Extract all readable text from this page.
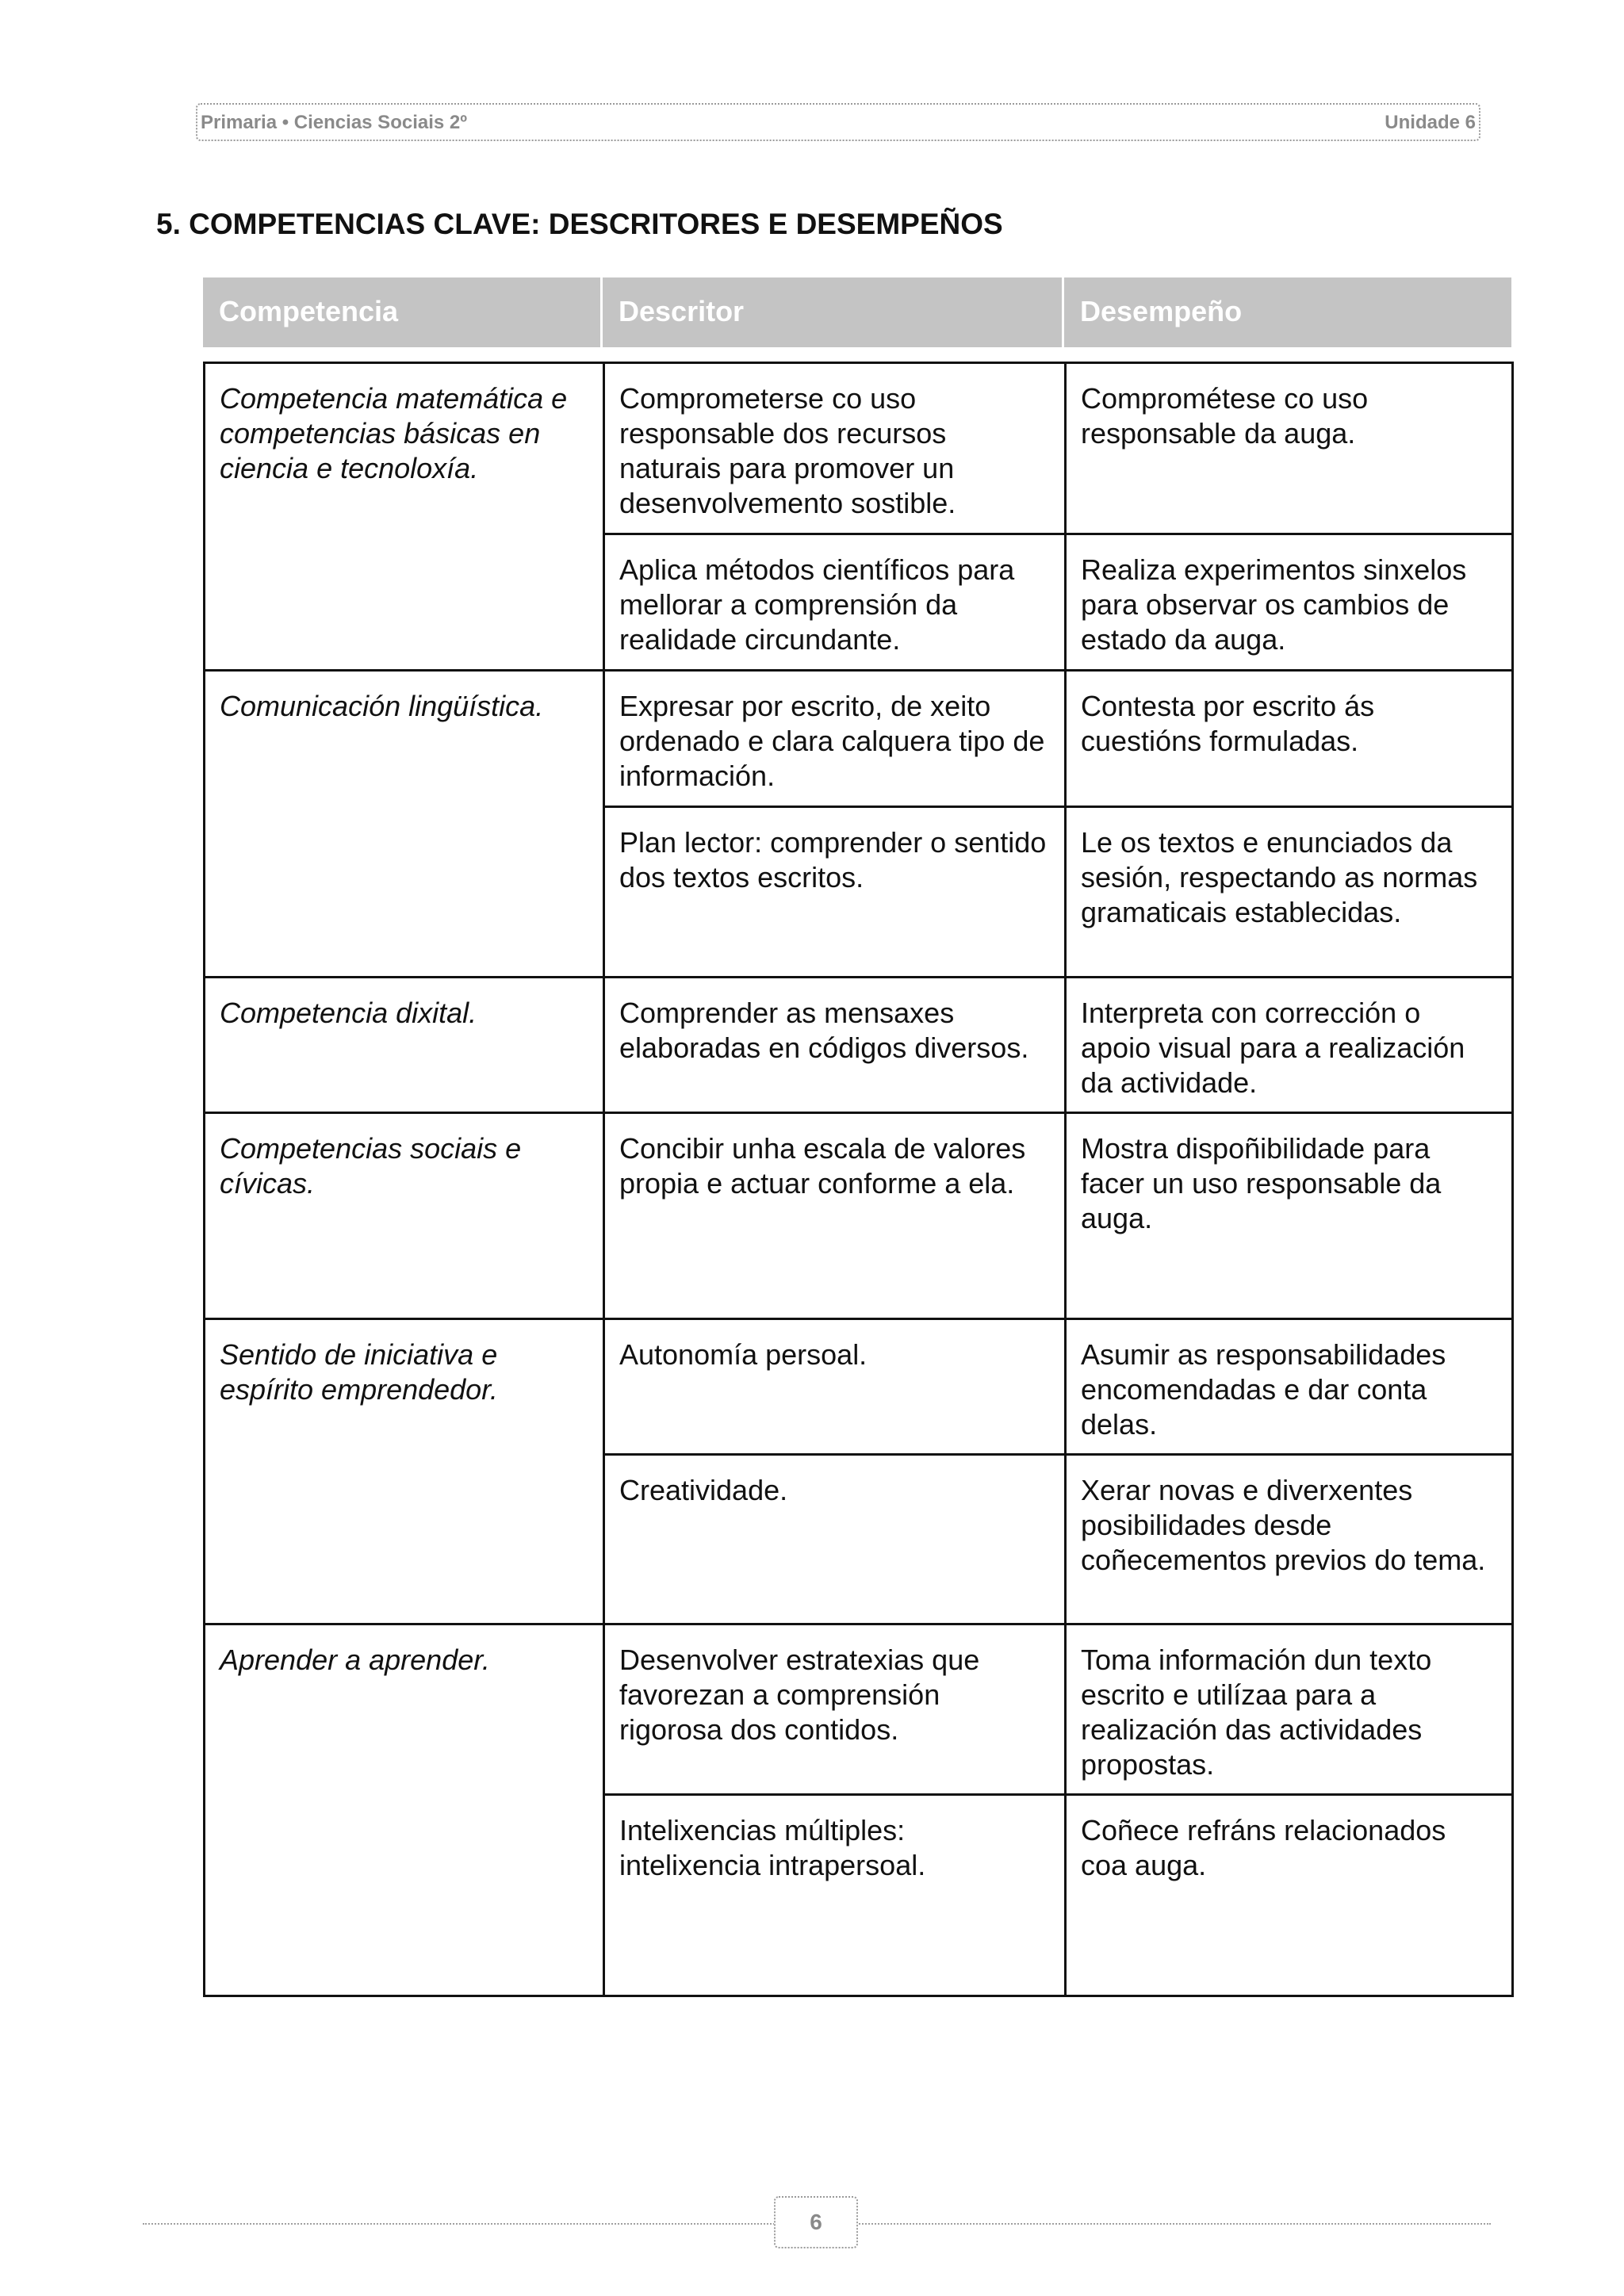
Primaria • Ciencias Sociais 2º	Unidade 6
5. COMPETENCIAS CLAVE: DESCRITORES E DESEMPEÑOS
Competencia	Descritor	Desempeño
Competencia matemática e competencias básicas en ciencia e tecnoloxía.	Comprometerse co uso responsable dos recursos naturais para promover un desenvolvemento sostible.	Comprométese co uso responsable da auga.
	Aplica métodos científicos para mellorar a comprensión da realidade circundante.	Realiza experimentos sinxelos para observar os cambios de estado da auga.
Comunicación lingüística.	Expresar por escrito, de xeito ordenado e clara calquera tipo de información.	Contesta por escrito ás cuestións formuladas.
	Plan lector: comprender o sentido dos textos escritos.	Le os textos e enunciados da sesión, respectando as normas gramaticais establecidas.
Competencia dixital.	Comprender as mensaxes elaboradas en códigos diversos.	Interpreta con corrección o apoio visual para a realización da actividade.
Competencias sociais e cívicas.	Concibir unha escala de valores propia e actuar conforme a ela.	Mostra dispoñibilidade para facer un uso responsable da auga.
Sentido de iniciativa e espírito emprendedor.	Autonomía persoal.	Asumir as responsabilidades encomendadas e dar conta delas.
	Creatividade.	Xerar novas e diverxentes posibilidades desde coñecementos previos do tema.
Aprender a aprender.	Desenvolver estratexias que favorezan a comprensión rigorosa dos contidos.	Toma información dun texto escrito e utilízaa para a realización das actividades propostas.
	Intelixencias múltiples: intelixencia intrapersoal.	Coñece refráns relacionados coa auga.
6
